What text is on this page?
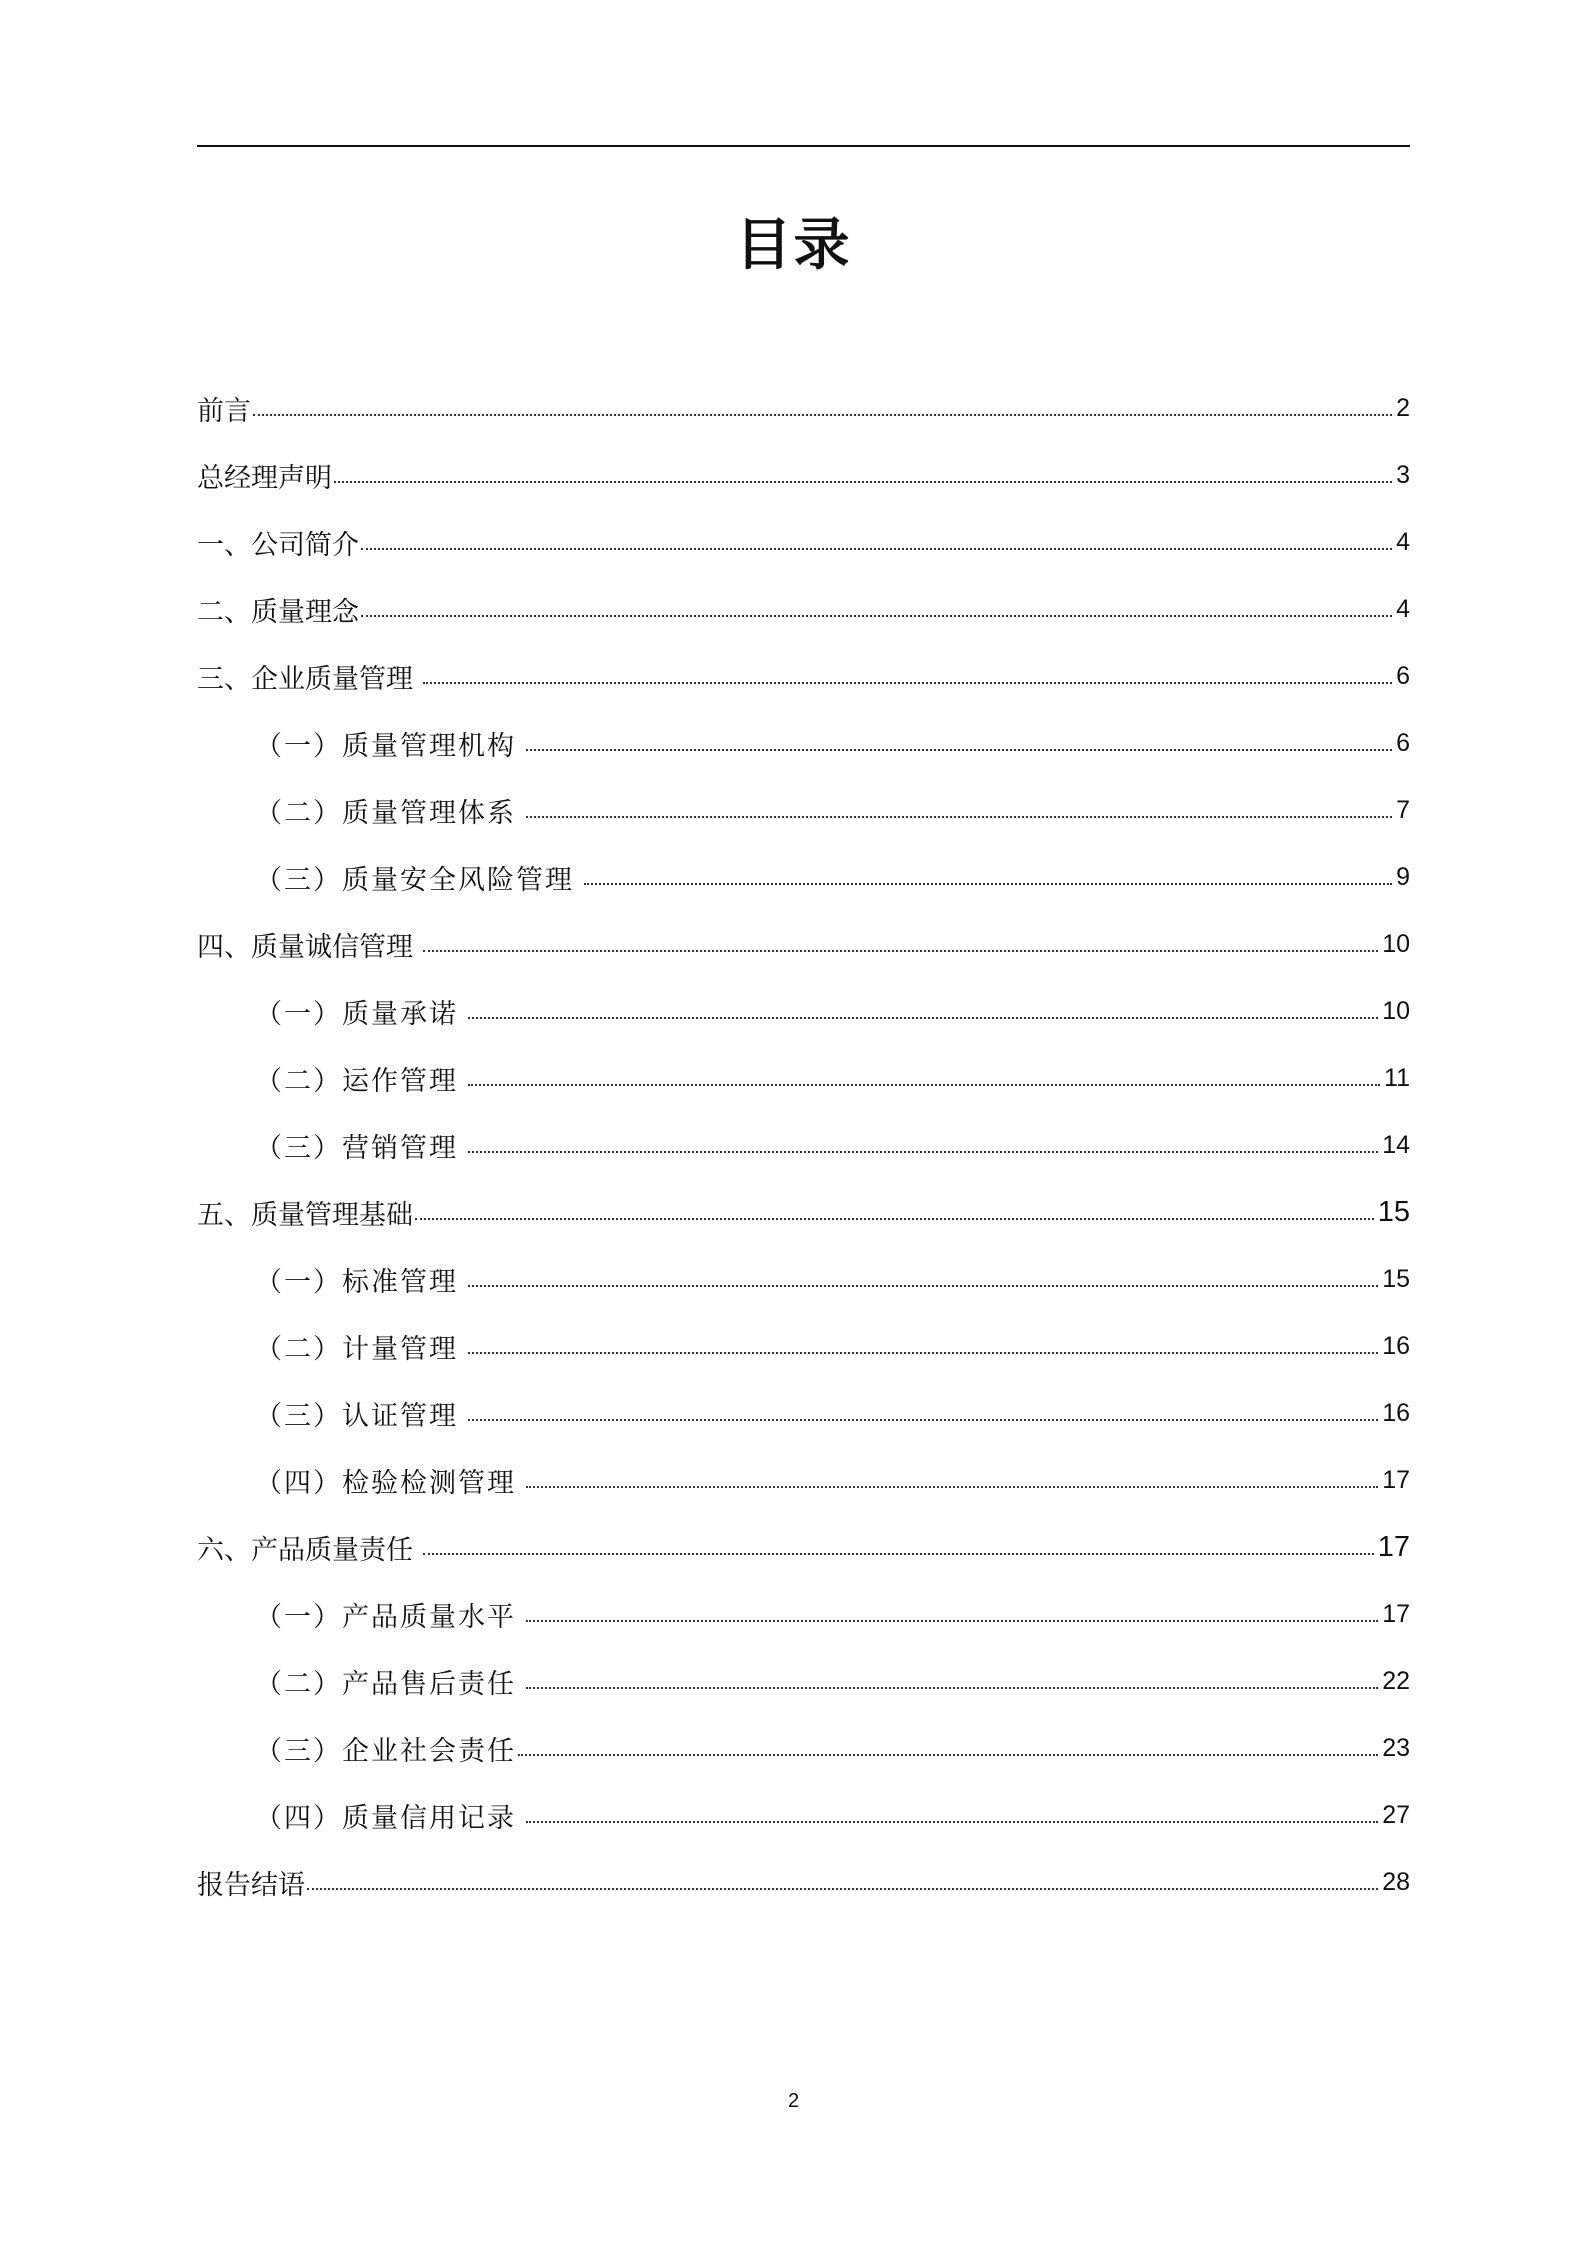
目录
前言	2
总经理声明	3
一、公司简介	4
二、质量理念	4
三、企业质量管理	6
（一）质量管理机构	6
（二）质量管理体系	7
（三）质量安全风险管理	9
四、质量诚信管理	10
（一）质量承诺	10
（二）运作管理	11
（三）营销管理	14
五、质量管理基础	15
（一）标准管理	15
（二）计量管理	16
（三）认证管理	16
（四）检验检测管理	17
六、产品质量责任	17
（一）产品质量水平	17
（二）产品售后责任	22
（三）企业社会责任	23
（四）质量信用记录	27
报告结语	28
2
